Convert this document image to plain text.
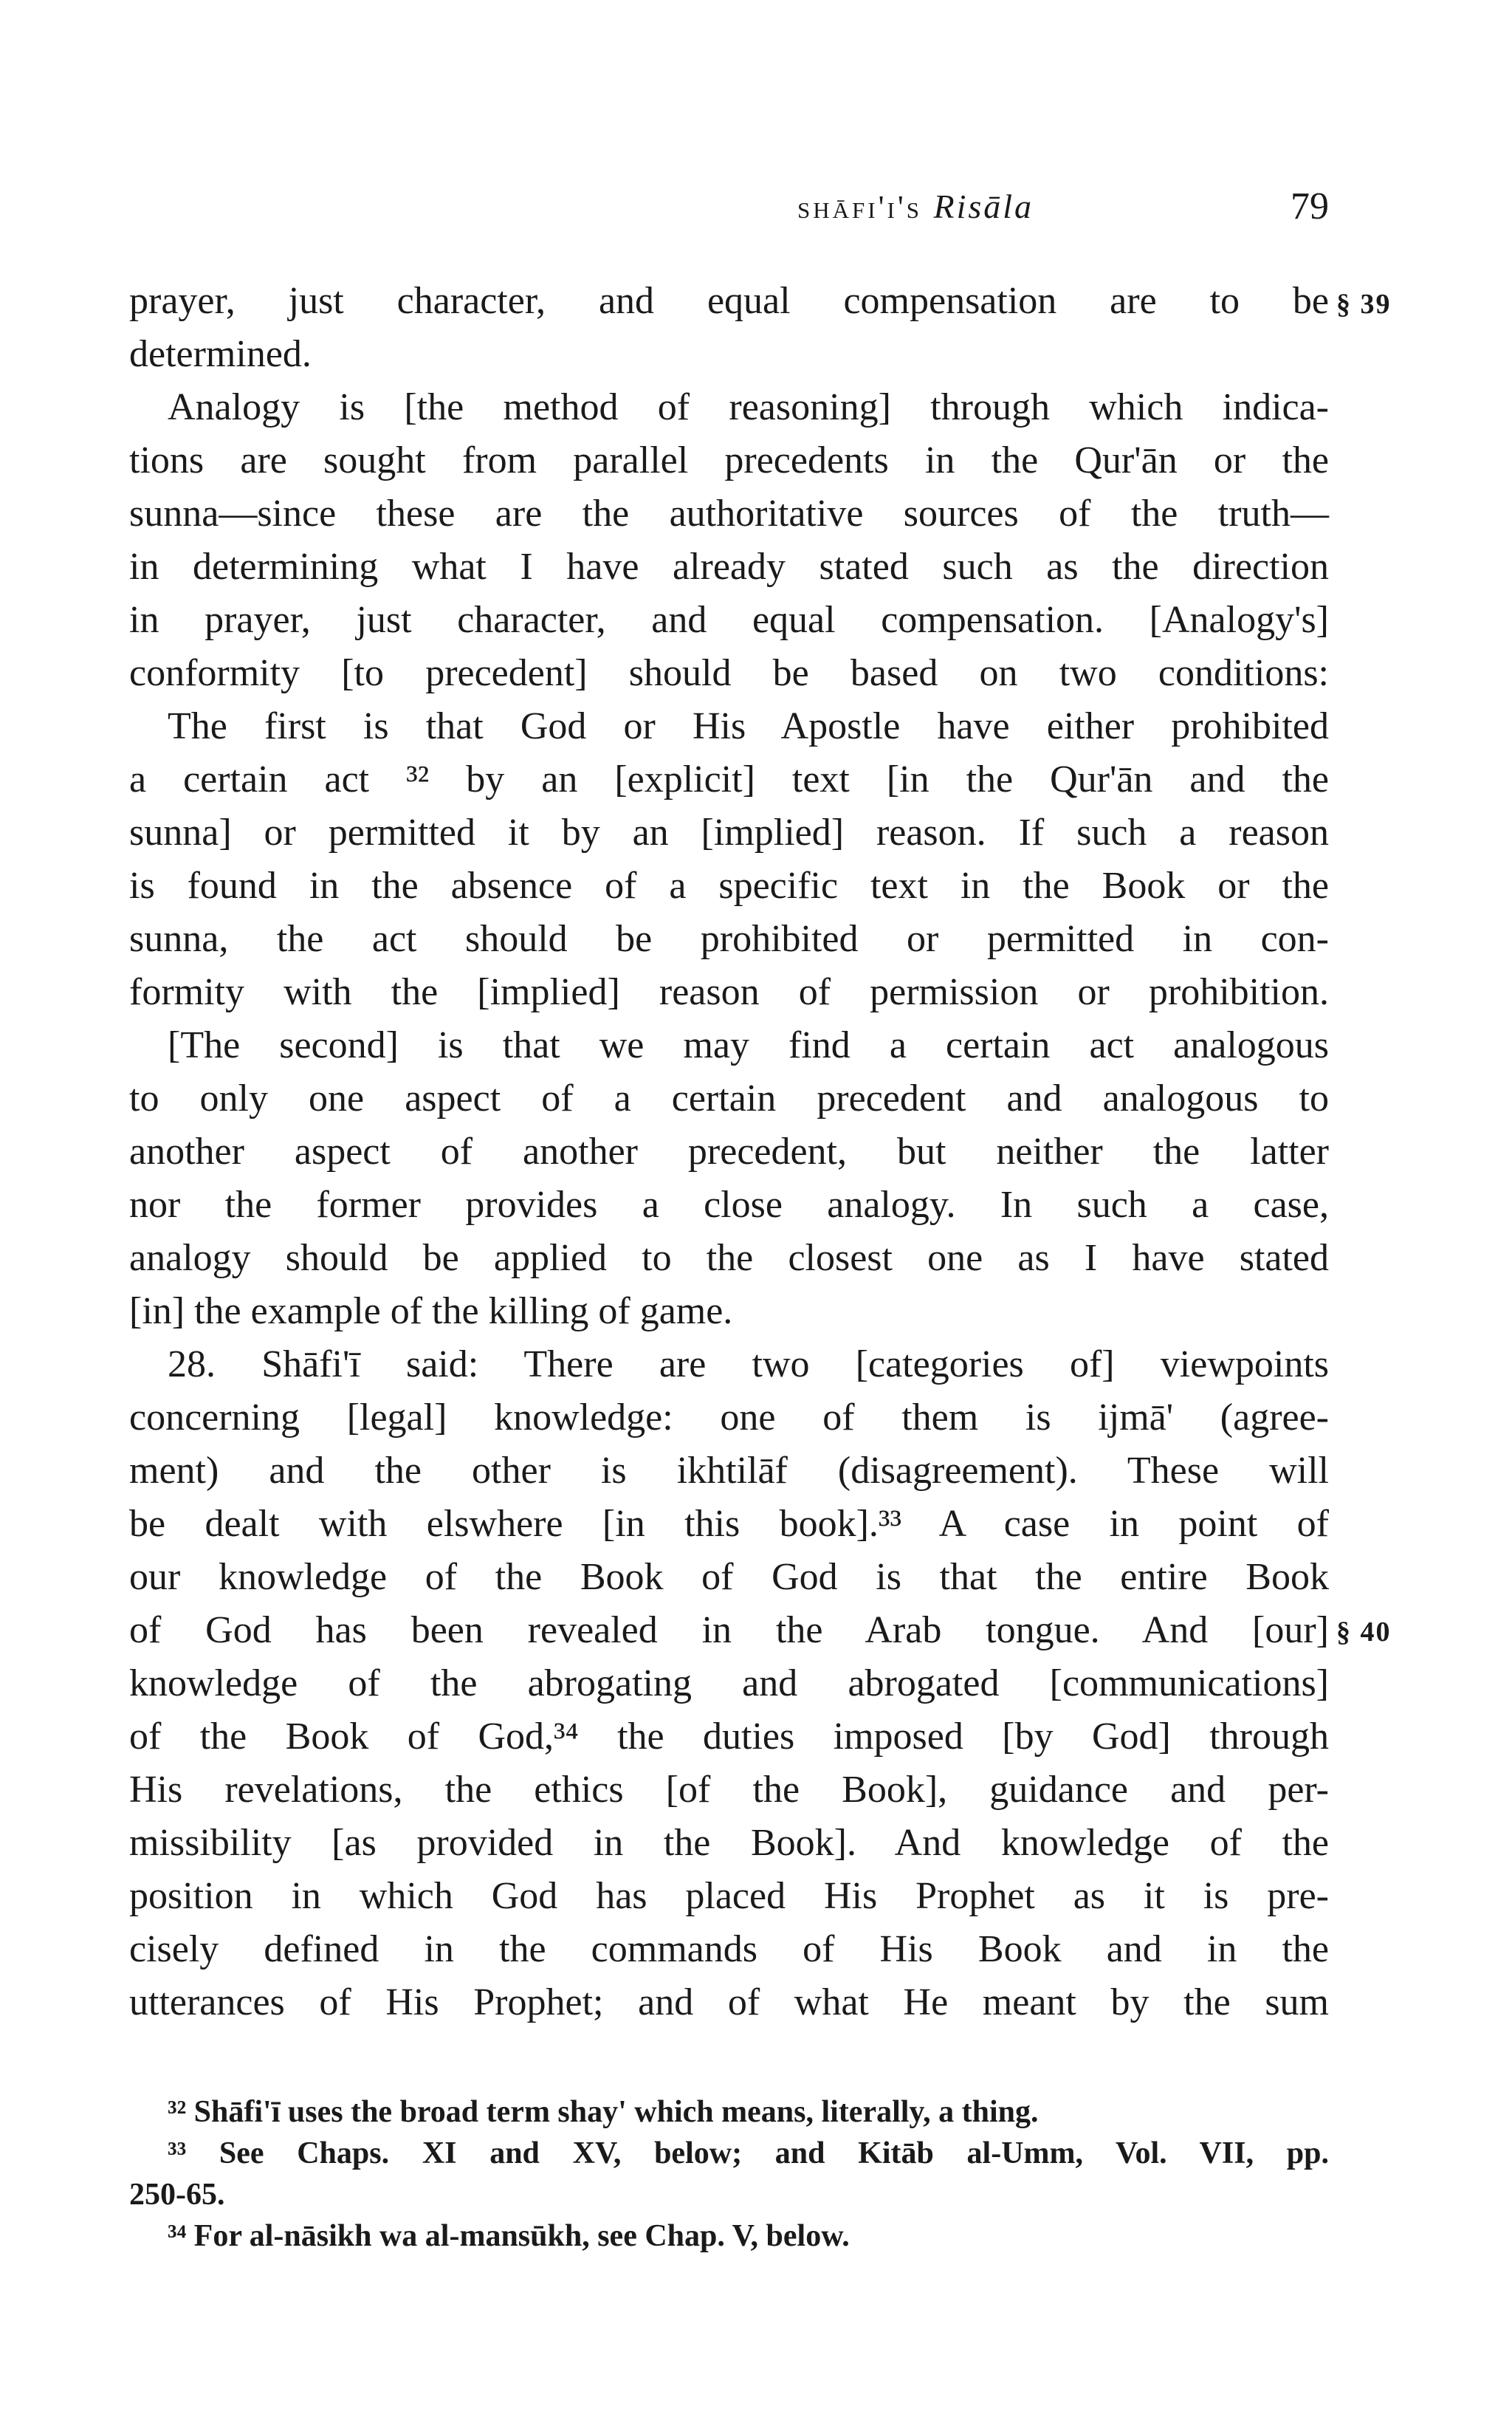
shāfi'i's Risāla	79
§ 39
§ 40
prayer, just character, and equal compensation are to be
determined.
Analogy is [the method of reasoning] through which indica-
tions are sought from parallel precedents in the Qur'ān or the
sunna—since these are the authoritative sources of the truth—
in determining what I have already stated such as the direction
in prayer, just character, and equal compensation. [Analogy's]
conformity [to precedent] should be based on two conditions:
The first is that God or His Apostle have either prohibited
a certain act ³² by an [explicit] text [in the Qur'ān and the
sunna] or permitted it by an [implied] reason. If such a reason
is found in the absence of a specific text in the Book or the
sunna, the act should be prohibited or permitted in con-
formity with the [implied] reason of permission or prohibition.
[The second] is that we may find a certain act analogous
to only one aspect of a certain precedent and analogous to
another aspect of another precedent, but neither the latter
nor the former provides a close analogy. In such a case,
analogy should be applied to the closest one as I have stated
[in] the example of the killing of game.
28. Shāfi'ī said: There are two [categories of] viewpoints
concerning [legal] knowledge: one of them is ijmā' (agree-
ment) and the other is ikhtilāf (disagreement). These will
be dealt with elswhere [in this book].³³ A case in point of
our knowledge of the Book of God is that the entire Book
of God has been revealed in the Arab tongue. And [our]
knowledge of the abrogating and abrogated [communications]
of the Book of God,³⁴ the duties imposed [by God] through
His revelations, the ethics [of the Book], guidance and per-
missibility [as provided in the Book]. And knowledge of the
position in which God has placed His Prophet as it is pre-
cisely defined in the commands of His Book and in the
utterances of His Prophet; and of what He meant by the sum
³² Shāfi'ī uses the broad term shay' which means, literally, a thing.
³³ See Chaps. XI and XV, below; and Kitāb al-Umm, Vol. VII, pp.
250-65.
³⁴ For al-nāsikh wa al-mansūkh, see Chap. V, below.
